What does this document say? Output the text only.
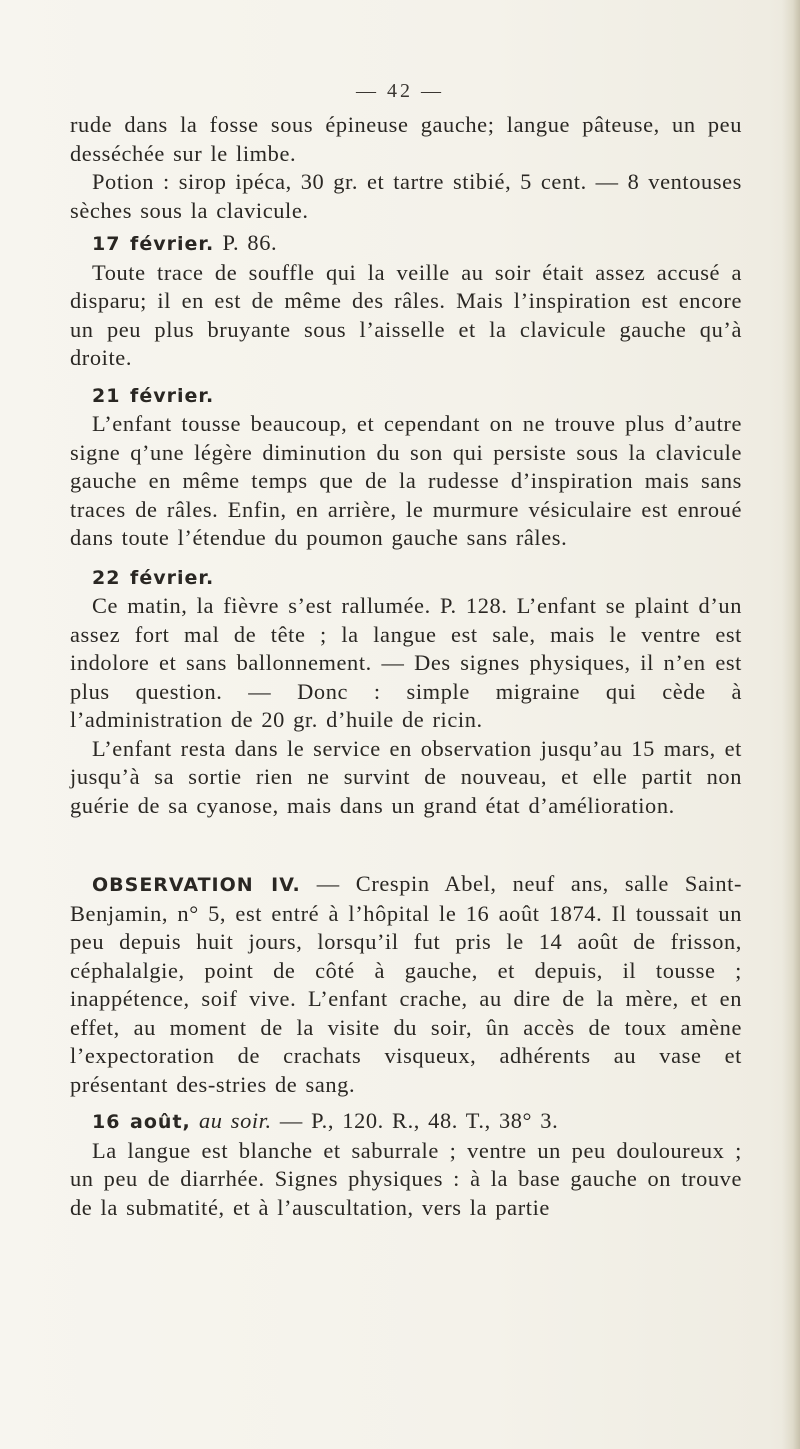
— 42 —

rude dans la fosse sous épineuse gauche; langue pâteuse, un peu desséchée sur le limbe.

Potion : sirop ipéca, 30 gr. et tartre stibié, 5 cent. — 8 ventouses sèches sous la clavicule.

17 février. P. 86.

Toute trace de souffle qui la veille au soir était assez accusé a disparu; il en est de même des râles. Mais l’inspiration est encore un peu plus bruyante sous l’aisselle et la clavicule gauche qu’à droite.

21 février.

L’enfant tousse beaucoup, et cependant on ne trouve plus d’autre signe q’une légère diminution du son qui persiste sous la clavicule gauche en même temps que de la rudesse d’inspiration mais sans traces de râles. Enfin, en arrière, le murmure vésiculaire est enroué dans toute l’étendue du poumon gauche sans râles.

22 février.

Ce matin, la fièvre s’est rallumée. P. 128. L’enfant se plaint d’un assez fort mal de tête ; la langue est sale, mais le ventre est indolore et sans ballonnement. — Des signes physiques, il n’en est plus question. — Donc : simple migraine qui cède à l’administration de 20 gr. d’huile de ricin.

L’enfant resta dans le service en observation jusqu’au 15 mars, et jusqu’à sa sortie rien ne survint de nouveau, et elle partit non guérie de sa cyanose, mais dans un grand état d’amélioration.

OBSERVATION IV. — Crespin Abel, neuf ans, salle Saint-Benjamin, n° 5, est entré à l’hôpital le 16 août 1874. Il toussait un peu depuis huit jours, lorsqu’il fut pris le 14 août de frisson, céphalalgie, point de côté à gauche, et depuis, il tousse ; inappétence, soif vive. L’enfant crache, au dire de la mère, et en effet, au moment de la visite du soir, ûn accès de toux amène l’expectoration de crachats visqueux, adhérents au vase et présentant des-stries de sang.

16 août, au soir. — P., 120. R., 48. T., 38° 3.

La langue est blanche et saburrale ; ventre un peu douloureux ; un peu de diarrhée. Signes physiques : à la base gauche on trouve de la submatité, et à l’auscultation, vers la partie
